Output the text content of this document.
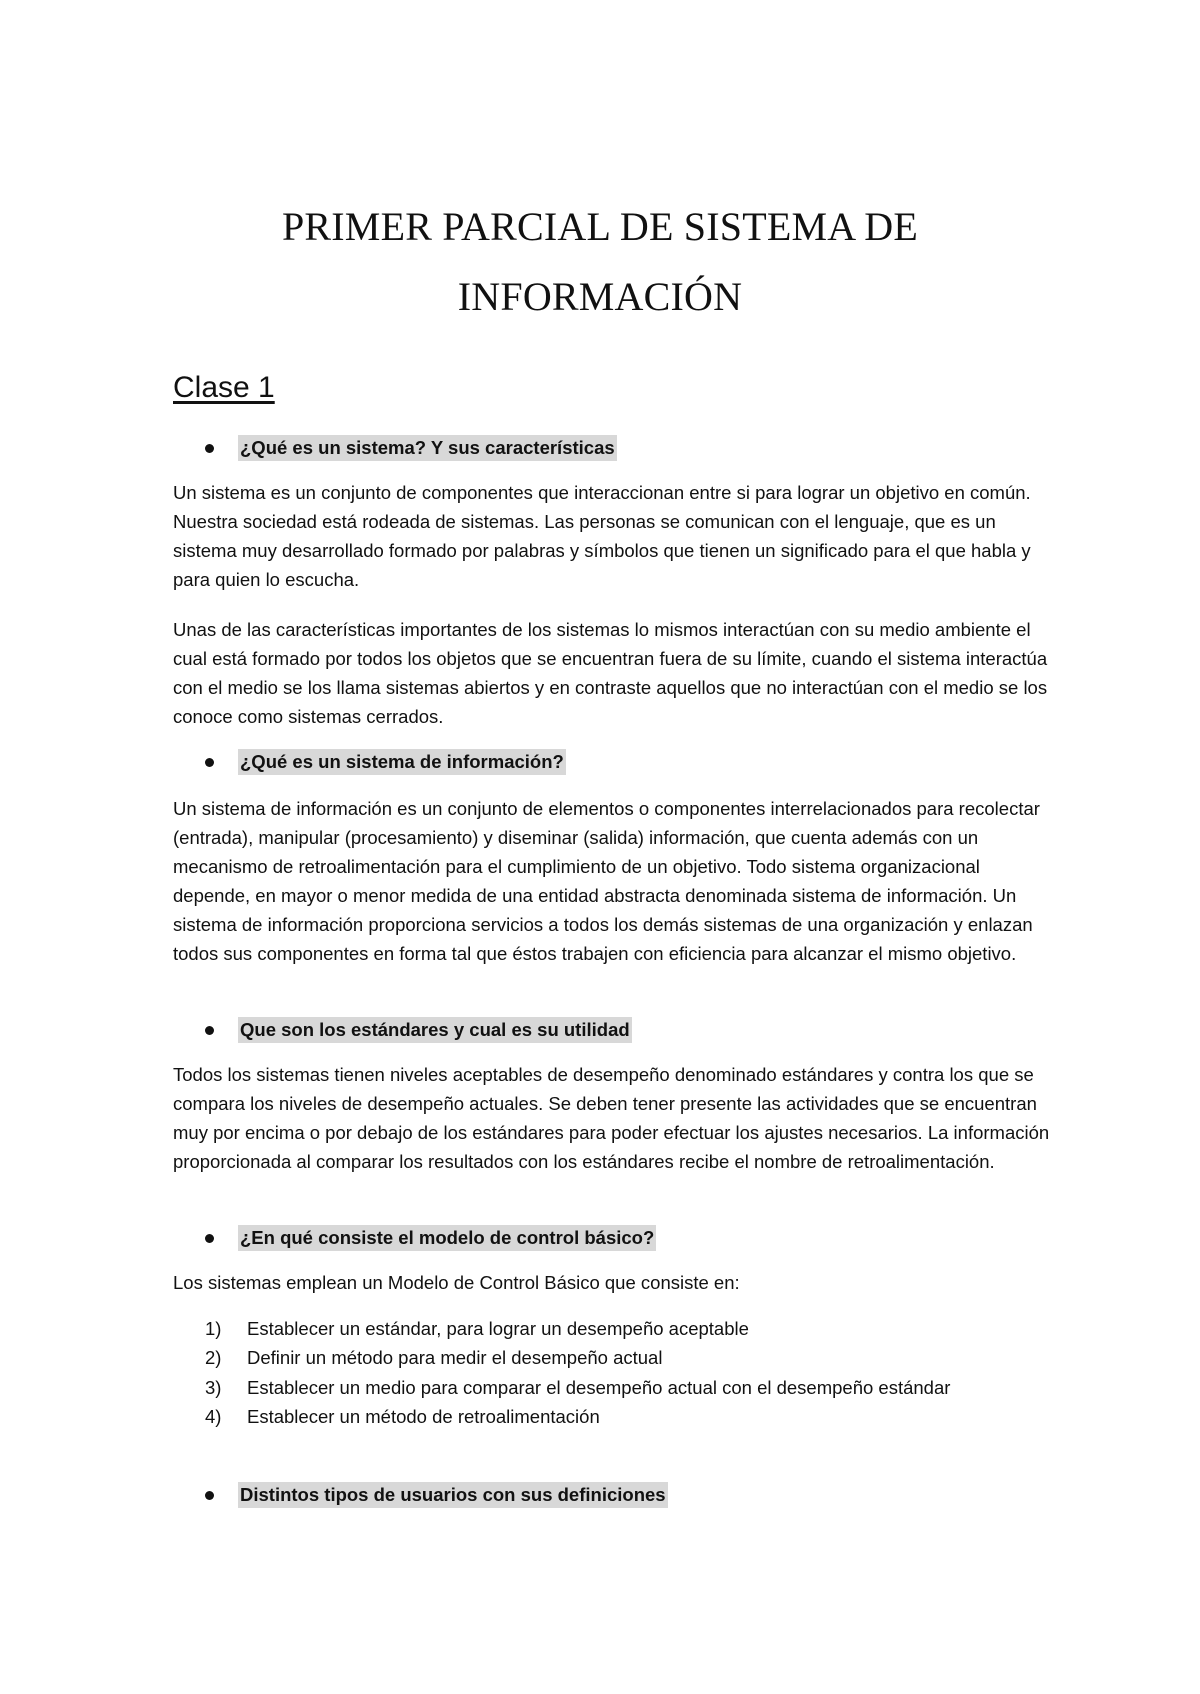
PRIMER PARCIAL DE SISTEMA DE
INFORMACIÓN
Clase 1
¿Qué es un sistema? Y sus características

Un sistema es un conjunto de componentes que interaccionan entre si para lograr un objetivo en común. Nuestra sociedad está rodeada de sistemas. Las personas se comunican con el lenguaje, que es un sistema muy desarrollado formado por palabras y símbolos que tienen un significado para el que habla y para quien lo escucha.

Unas de las características importantes de los sistemas lo mismos interactúan con su medio ambiente el cual está formado por todos los objetos que se encuentran fuera de su límite, cuando el sistema interactúa con el medio se los llama sistemas abiertos y en contraste aquellos que no interactúan con el medio se los conoce como sistemas cerrados.

¿Qué es un sistema de información?

Un sistema de información es un conjunto de elementos o componentes interrelacionados para recolectar (entrada), manipular (procesamiento) y diseminar (salida) información, que cuenta además con un mecanismo de retroalimentación para el cumplimiento de un objetivo. Todo sistema organizacional depende, en mayor o menor medida de una entidad abstracta denominada sistema de información. Un sistema de información proporciona servicios a todos los demás sistemas de una organización y enlazan todos sus componentes en forma tal que éstos trabajen con eficiencia para alcanzar el mismo objetivo.

Que son los estándares y cual es su utilidad

Todos los sistemas tienen niveles aceptables de desempeño denominado estándares y contra los que se compara los niveles de desempeño actuales. Se deben tener presente las actividades que se encuentran muy por encima o por debajo de los estándares para poder efectuar los ajustes necesarios. La información proporcionada al comparar los resultados con los estándares recibe el nombre de retroalimentación.

¿En qué consiste el modelo de control básico?

Los sistemas emplean un Modelo de Control Básico que consiste en:

1)	Establecer un estándar, para lograr un desempeño aceptable
2)	Definir un método para medir el desempeño actual
3)	Establecer un medio para comparar el desempeño actual con el desempeño estándar
4)	Establecer un método de retroalimentación
Distintos tipos de usuarios con sus definiciones
